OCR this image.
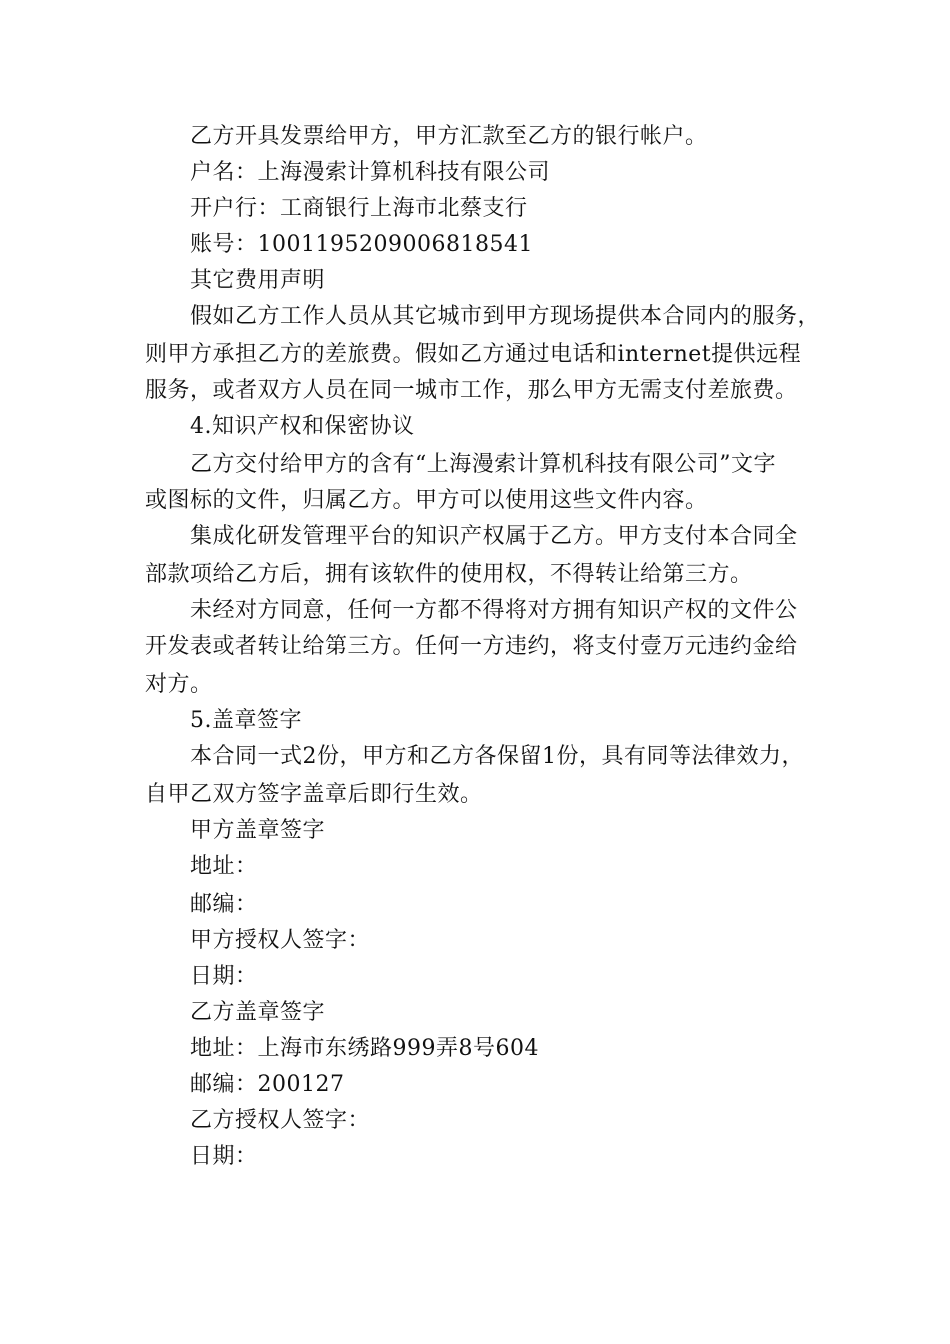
乙方开具发票给甲方，甲方汇款至乙方的银行帐户。
户名：上海漫索计算机科技有限公司
开户行：工商银行上海市北蔡支行
账号：1001195209006818541
其它费用声明
假如乙方工作人员从其它城市到甲方现场提供本合同内的服务，
则甲方承担乙方的差旅费。假如乙方通过电话和internet提供远程
服务，或者双方人员在同一城市工作，那么甲方无需支付差旅费。
4.知识产权和保密协议
乙方交付给甲方的含有“上海漫索计算机科技有限公司”文字
或图标的文件，归属乙方。甲方可以使用这些文件内容。
集成化研发管理平台的知识产权属于乙方。甲方支付本合同全
部款项给乙方后，拥有该软件的使用权，不得转让给第三方。
未经对方同意，任何一方都不得将对方拥有知识产权的文件公
开发表或者转让给第三方。任何一方违约，将支付壹万元违约金给
对方。
5.盖章签字
本合同一式2份，甲方和乙方各保留1份，具有同等法律效力，
自甲乙双方签字盖章后即行生效。
甲方盖章签字
地址：
邮编：
甲方授权人签字：
日期：
乙方盖章签字
地址：上海市东绣路999弄8号604
邮编：200127
乙方授权人签字：
日期：
